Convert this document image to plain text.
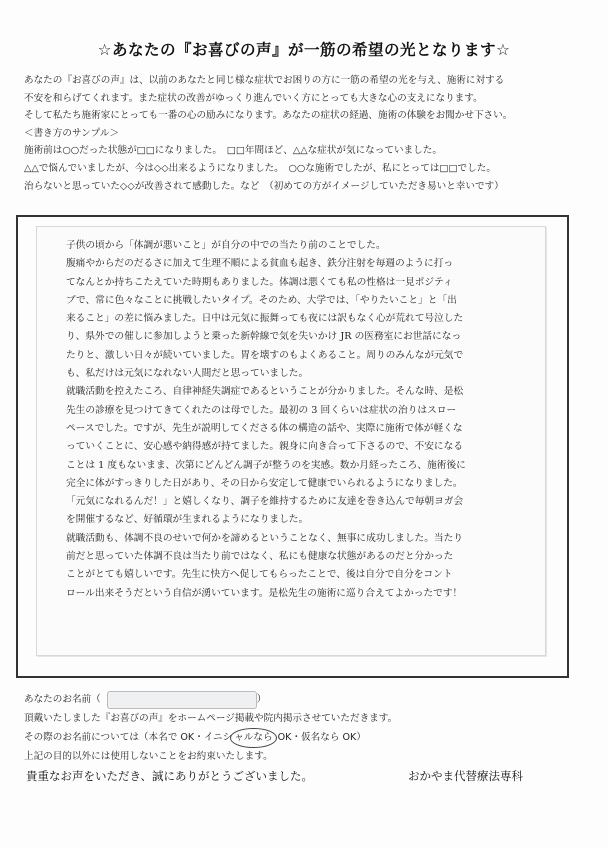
☆あなたの『お喜びの声』が一筋の希望の光となります☆

あなたの『お喜びの声』は、以前のあなたと同じ様な症状でお困りの方に一筋の希望の光を与え、施術に対する

不安を和らげてくれます。また症状の改善がゆっくり進んでいく方にとっても大きな心の支えになります。

そして私たち施術家にとっても一番の心の励みになります。あなたの症状の経過、施術の体験をお聞かせ下さい。

＜書き方のサンプル＞

施術前は○○だった状態が□□になりました。　□□年間ほど、△△な症状が気になっていました。

△△で悩んでいましたが、今は◇◇出来るようになりました。　○○な施術でしたが、私にとっては□□でした。

治らないと思っていた◇◇が改善されて感動した。など　（初めての方がイメージしていただき易いと幸いです）

子供の頃から「体調が悪いこと」が自分の中での当たり前のことでした。

腹痛やからだのだるさに加えて生理不順による貧血も起き、鉄分注射を毎週のように打っ

てなんとか持ちこたえていた時期もありました。体調は悪くても私の性格は一見ポジティ

ブで、常に色々なことに挑戦したいタイプ。そのため、大学では、「やりたいこと」と「出

来ること」の差に悩みました。日中は元気に振舞っても夜には訳もなく心が荒れて号泣した

り、県外での催しに参加しようと乗った新幹線で気を失いかけ JR の医務室にお世話になっ

たりと、激しい日々が続いていました。胃を壊すのもよくあること。周りのみんなが元気で

も、私だけは元気になれない人間だと思っていました。

就職活動を控えたころ、自律神経失調症であるということが分かりました。そんな時、是松

先生の診療を見つけてきてくれたのは母でした。最初の 3 回くらいは症状の治りはスロー

ペースでした。ですが、先生が説明してくださる体の構造の話や、実際に施術で体が軽くな

っていくことに、安心感や納得感が持てました。親身に向き合って下さるので、不安になる

ことは 1 度もないまま、次第にどんどん調子が整うのを実感。数か月経ったころ、施術後に

完全に体がすっきりした日があり、その日から安定して健康でいられるようになりました。

「元気になれるんだ！」と嬉しくなり、調子を維持するために友達を巻き込んで毎朝ヨガ会

を開催するなど、好循環が生まれるようになりました。

就職活動も、体調不良のせいで何かを諦めるということなく、無事に成功しました。当たり

前だと思っていた体調不良は当たり前ではなく、私にも健康な状態があるのだと分かった

ことがとても嬉しいです。先生に快方へ促してもらったことで、後は自分で自分をコント

ロール出来そうだという自信が湧いています。是松先生の施術に巡り合えてよかったです！

あなたのお名前（	）

頂戴いたしました『お喜びの声』をホームページ掲載や院内掲示させていただきます。

その際のお名前については（本名で OK・イニシ ャルなら OK・仮名なら OK）

上記の目的以外には使用しないことをお約束いたします。

貴重なお声をいただき、誠にありがとうございました。	おかやま代替療法専科
